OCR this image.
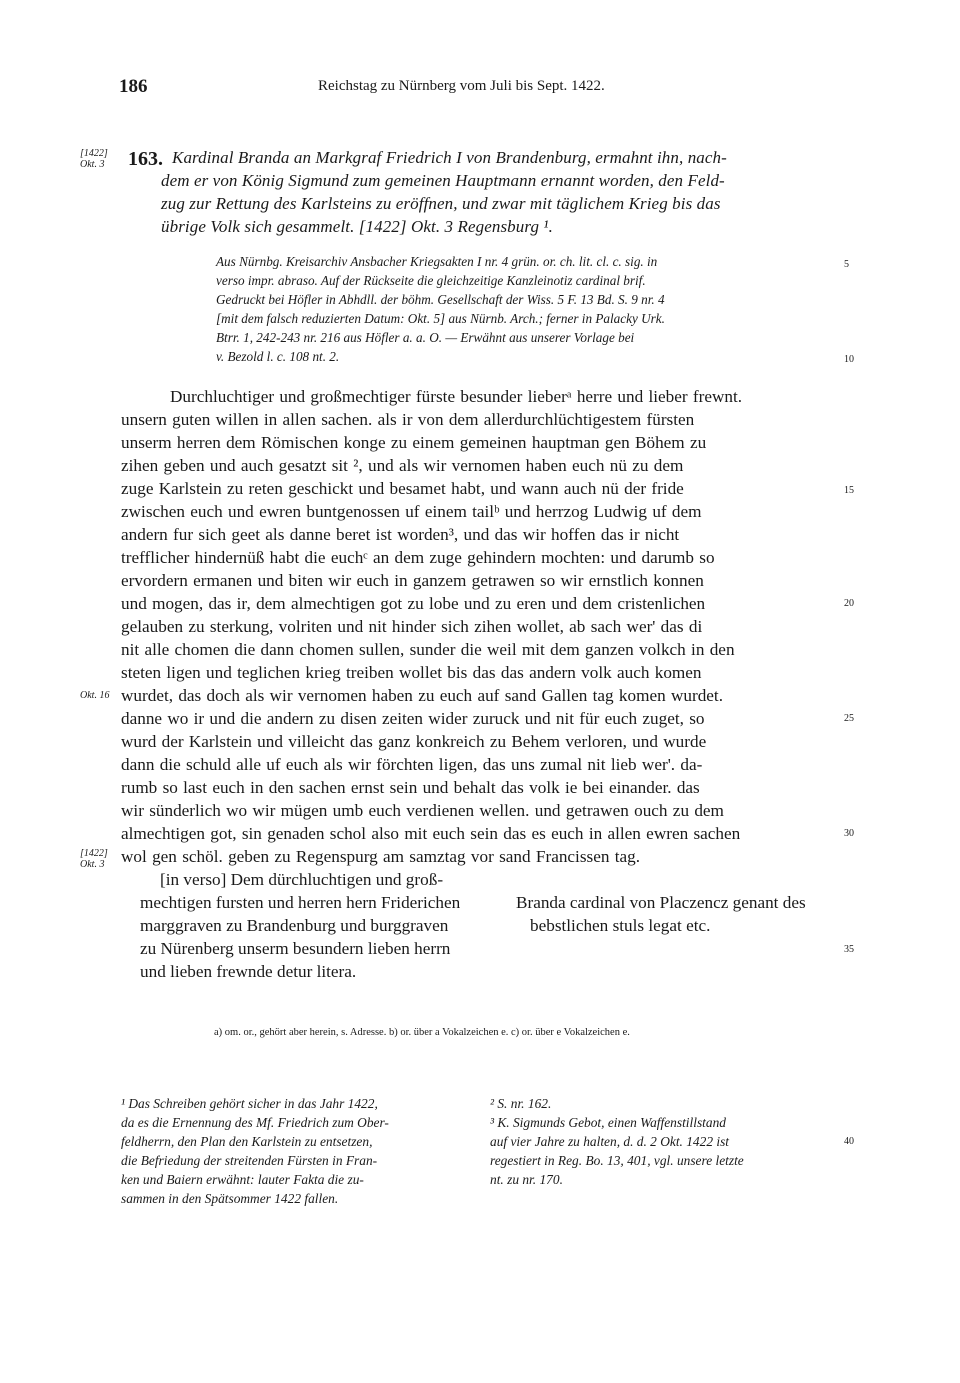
186	Reichstag zu Nürnberg vom Juli bis Sept. 1422.
[1422]
Okt. 3 163. Kardinal Branda an Markgraf Friedrich I von Brandenburg, ermahnt ihn, nach-
dem er von König Sigmund zum gemeinen Hauptmann ernannt worden, den Feld-
zug zur Rettung des Karlsteins zu eröffnen, und zwar mit täglichem Krieg bis das
übrige Volk sich gesammelt. [1422] Okt. 3 Regensburg ¹.
Aus Nürnbg. Kreisarchiv Ansbacher Kriegsakten I nr. 4 grün. or. ch. lit. cl. c. sig. in
verso impr. abraso. Auf der Rückseite die gleichzeitige Kanzleinotiz cardinal brif.
Gedruckt bei Höfler in Abhdll. der böhm. Gesellschaft der Wiss. 5 F. 13 Bd. S. 9 nr. 4
[mit dem falsch reduzierten Datum: Okt. 5] aus Nürnb. Arch.; ferner in Palacky Urk.
Btrr. 1, 242-243 nr. 216 aus Höfler a. a. O. — Erwähnt aus unserer Vorlage bei
v. Bezold l. c. 108 nt. 2.
5
10
15
20
25
30
35
40
Durchluchtiger und großmechtiger fürste besunder lieberᵃ herre und lieber frewnt.
unsern guten willen in allen sachen. als ir von dem allerdurchlüchtigestem fürsten
unserm herren dem Römischen konge zu einem gemeinen hauptman gen Böhem zu
zihen geben und auch gesatzt sit ², und als wir vernomen haben euch nü zu dem
zuge Karlstein zu reten geschickt und besamet habt, und wann auch nü der fride
zwischen euch und ewren buntgenossen uf einem tailᵇ und herrzog Ludwig uf dem
andern fur sich geet als danne beret ist worden³, und das wir hoffen das ir nicht
trefflicher hindernüß habt die euchᶜ an dem zuge gehindern mochten: und darumb so
ervordern ermanen und biten wir euch in ganzem getrawen so wir ernstlich konnen
und mogen, das ir, dem almechtigen got zu lobe und zu eren und dem cristenlichen
gelauben zu sterkung, volriten und nit hinder sich zihen wollet, ab sach wer' das di
nit alle chomen die dann chomen sullen, sunder die weil mit dem ganzen volkch in den
steten ligen und teglichen krieg treiben wollet bis das das andern volk auch komen
Okt. 16 wurdet, das doch als wir vernomen haben zu euch auf sand Gallen tag komen wurdet.
danne wo ir und die andern zu disen zeiten wider zuruck und nit für euch zuget, so
wurd der Karlstein und villeicht das ganz konkreich zu Behem verloren, und wurde
dann die schuld alle uf euch als wir förchten ligen, das uns zumal nit lieb wer'. da-
rumb so last euch in den sachen ernst sein und behalt das volk ie bei einander. das
wir sünderlich wo wir mügen umb euch verdienen wellen. und getrawen ouch zu dem
almechtigen got, sin genaden schol also mit euch sein das es euch in allen ewren sachen
[1422]
Okt. 3 wol gen schöl. geben zu Regenspurg am samztag vor sand Francissen tag.
[in verso] Dem dürchluchtigen und groß-
mechtigen fursten und herren hern Friderichen
marggraven zu Brandenburg und burggraven
zu Nürenberg unserm besundern lieben herrn
und lieben frewnde detur litera.
Branda cardinal von Placzencz genant des
bebstlichen stuls legat etc.
a) om. or., gehört aber herein, s. Adresse. b) or. über a Vokalzeichen e. c) or. über e Vokalzeichen e.
¹ Das Schreiben gehört sicher in das Jahr 1422,
da es die Ernennung des Mf. Friedrich zum Ober-
feldherrn, den Plan den Karlstein zu entsetzen,
die Befriedung der streitenden Fürsten in Fran-
ken und Baiern erwähnt: lauter Fakta die zu-
sammen in den Spätsommer 1422 fallen.
² S. nr. 162.
³ K. Sigmunds Gebot, einen Waffenstillstand
auf vier Jahre zu halten, d. d. 2 Okt. 1422 ist
regestiert in Reg. Bo. 13, 401, vgl. unsere letzte
nt. zu nr. 170.
